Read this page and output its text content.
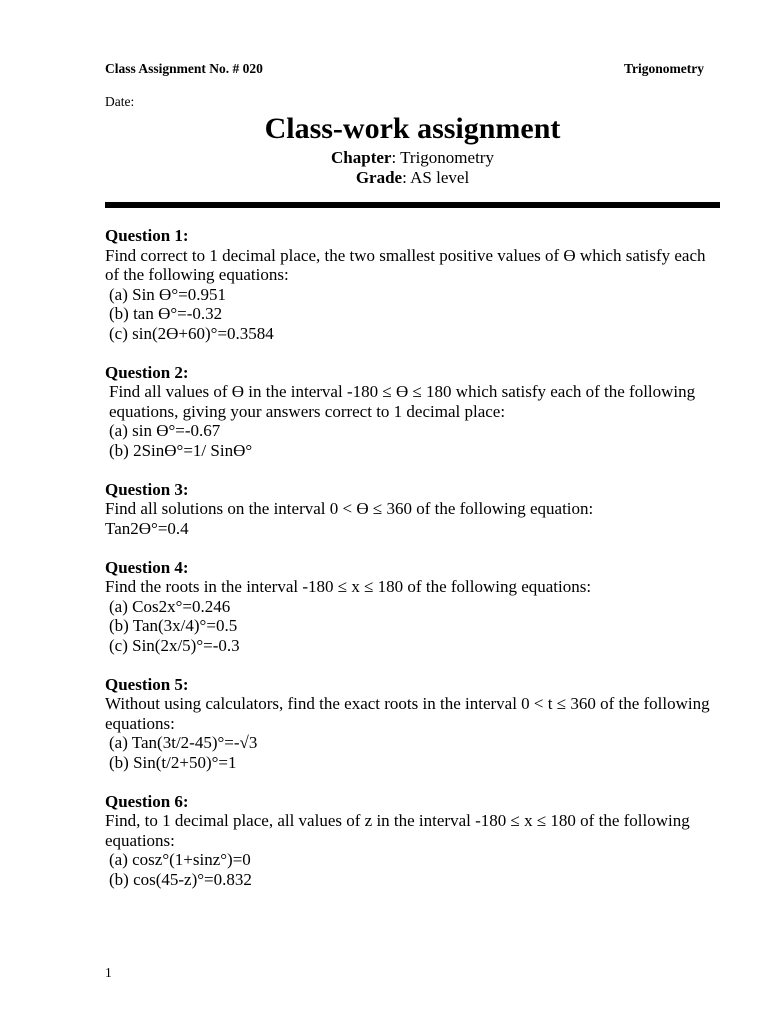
Class Assignment No. # 020	Trigonometry
Date:
Class-work assignment
Chapter: Trigonometry
Grade: AS level
Question 1:
Find correct to 1 decimal place, the two smallest positive values of Ɵ which satisfy each of the following equations:
(a) Sin Ɵ°=0.951
(b) tan Ɵ°=-0.32
(c) sin(2Ɵ+60)°=0.3584
Question 2:
Find all values of Ɵ in the interval -180 ≤ Ɵ ≤ 180 which satisfy each of the following equations, giving your answers correct to 1 decimal place:
(a) sin Ɵ°=-0.67
(b) 2SinƟ°=1/ SinƟ°
Question 3:
Find all solutions on the interval 0 < Ɵ ≤ 360 of the following equation:
Tan2Ɵ°=0.4
Question 4:
Find the roots in the interval -180 ≤ x ≤ 180 of the following equations:
(a) Cos2x°=0.246
(b) Tan(3x/4)°=0.5
(c) Sin(2x/5)°=-0.3
Question 5:
Without using calculators, find the exact roots in the interval 0 < t ≤ 360 of the following equations:
(a) Tan(3t/2-45)°=-√3
(b) Sin(t/2+50)°=1
Question 6:
Find, to 1 decimal place, all values of z in the interval -180 ≤ x ≤ 180 of the following equations:
(a) cosz°(1+sinz°)=0
(b) cos(45-z)°=0.832
1
